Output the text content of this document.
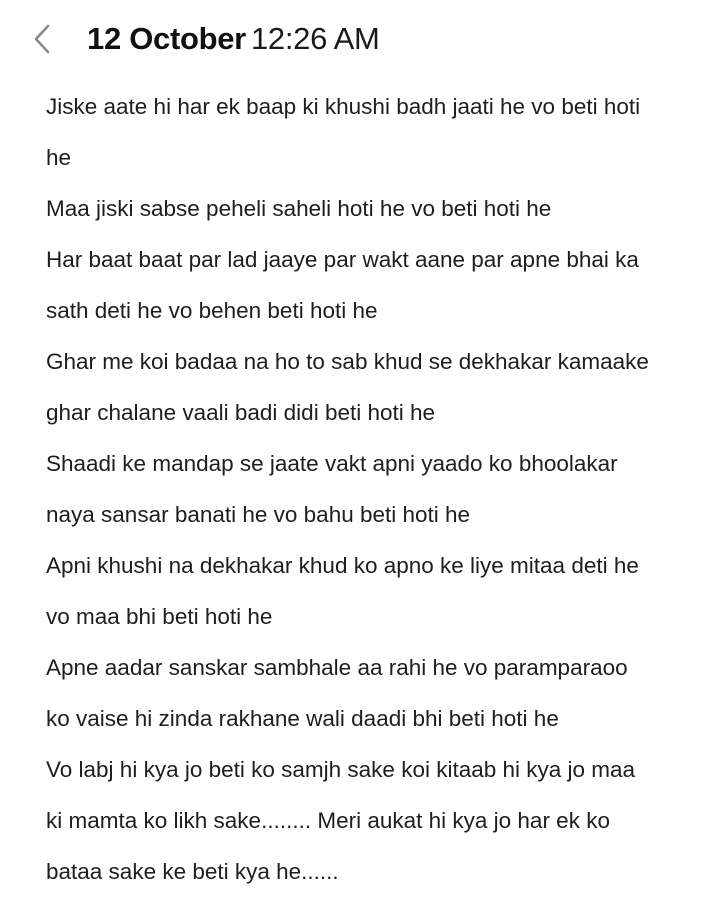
12 October 12:26 AM
Jiske aate hi har ek baap ki khushi badh jaati he vo beti hoti
he
Maa jiski sabse peheli saheli hoti he vo beti hoti he
Har baat baat par lad jaaye par wakt aane par apne bhai ka
sath deti he vo behen beti hoti he
Ghar me koi badaa na ho to sab khud se dekhakar kamaake
ghar chalane vaali badi didi beti hoti he
Shaadi ke mandap se jaate vakt apni yaado ko bhoolakar
naya sansar banati he vo bahu beti hoti he
Apni khushi na dekhakar khud ko apno ke liye mitaa deti he
vo maa bhi beti hoti he
Apne aadar sanskar sambhale aa rahi he vo paramparaoo
ko vaise hi zinda rakhane wali daadi bhi beti hoti he
Vo labj hi kya jo beti ko samjh sake koi kitaab hi kya jo maa
ki mamta ko likh sake........ Meri aukat hi kya jo har ek ko
bataa sake ke beti kya he......
